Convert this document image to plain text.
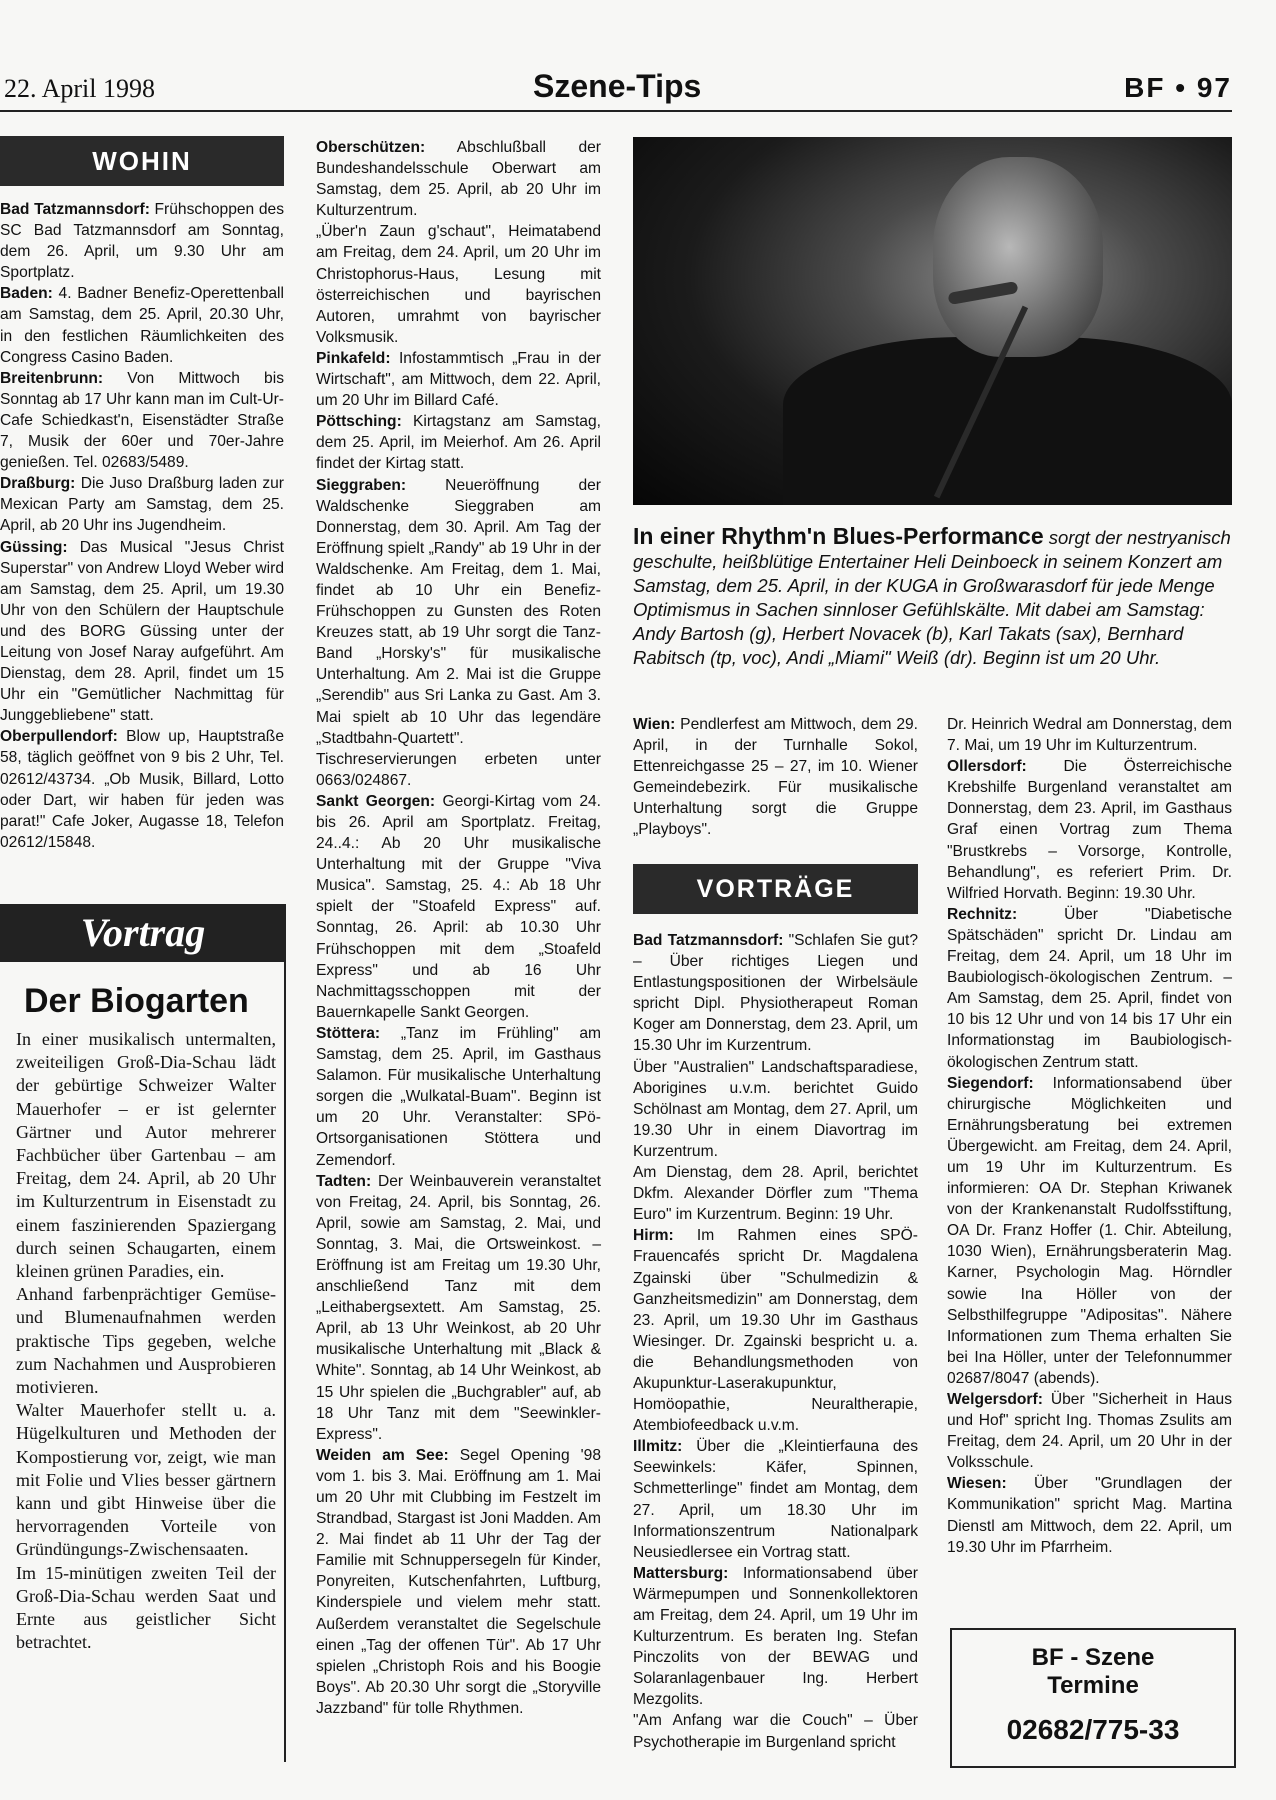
22. April 1998	Szene-Tips	BF • 97
WOHIN

Bad Tatzmannsdorf: Frühschoppen des SC Bad Tatzmannsdorf am Sonntag, dem 26. April, um 9.30 Uhr am Sportplatz.

Baden: 4. Badner Benefiz-Operettenball am Samstag, dem 25. April, 20.30 Uhr, in den festlichen Räumlichkeiten des Congress Casino Baden.

Breitenbrunn: Von Mittwoch bis Sonntag ab 17 Uhr kann man im Cult-Ur-Cafe Schiedkast'n, Eisenstädter Straße 7, Musik der 60er und 70er-Jahre genießen. Tel. 02683/5489.

Draßburg: Die Juso Draßburg laden zur Mexican Party am Samstag, dem 25. April, ab 20 Uhr ins Jugendheim.

Güssing: Das Musical "Jesus Christ Superstar" von Andrew Lloyd Weber wird am Samstag, dem 25. April, um 19.30 Uhr von den Schülern der Hauptschule und des BORG Güssing unter der Leitung von Josef Naray aufgeführt. Am Dienstag, dem 28. April, findet um 15 Uhr ein "Gemütlicher Nachmittag für Junggebliebene" statt.

Oberpullendorf: Blow up, Hauptstraße 58, täglich geöffnet von 9 bis 2 Uhr, Tel. 02612/43734. „Ob Musik, Billard, Lotto oder Dart, wir haben für jeden was parat!" Cafe Joker, Augasse 18, Telefon 02612/15848.

Vortrag
Der Biogarten

In einer musikalisch untermalten, zweiteiligen Groß-Dia-Schau lädt der gebürtige Schweizer Walter Mauerhofer – er ist gelernter Gärtner und Autor mehrerer Fachbücher über Gartenbau – am Freitag, dem 24. April, ab 20 Uhr im Kulturzentrum in Eisenstadt zu einem faszinierenden Spaziergang durch seinen Schaugarten, einem kleinen grünen Paradies, ein.

Anhand farbenprächtiger Gemüse- und Blumenaufnahmen werden praktische Tips gegeben, welche zum Nachahmen und Ausprobieren motivieren.

Walter Mauerhofer stellt u. a. Hügelkulturen und Methoden der Kompostierung vor, zeigt, wie man mit Folie und Vlies besser gärtnern kann und gibt Hinweise über die hervorragenden Vorteile von Gründüngungs-Zwischensaaten.

Im 15-minütigen zweiten Teil der Groß-Dia-Schau werden Saat und Ernte aus geistlicher Sicht betrachtet.

Oberschützen: Abschlußball der Bundeshandelsschule Oberwart am Samstag, dem 25. April, ab 20 Uhr im Kulturzentrum.

„Über'n Zaun g'schaut", Heimatabend am Freitag, dem 24. April, um 20 Uhr im Christophorus-Haus, Lesung mit österreichischen und bayrischen Autoren, umrahmt von bayrischer Volksmusik.

Pinkafeld: Infostammtisch „Frau in der Wirtschaft", am Mittwoch, dem 22. April, um 20 Uhr im Billard Café.

Pöttsching: Kirtagstanz am Samstag, dem 25. April, im Meierhof. Am 26. April findet der Kirtag statt.

Sieggraben: Neueröffnung der Waldschenke Sieggraben am Donnerstag, dem 30. April. Am Tag der Eröffnung spielt „Randy" ab 19 Uhr in der Waldschenke. Am Freitag, dem 1. Mai, findet ab 10 Uhr ein Benefiz-Frühschoppen zu Gunsten des Roten Kreuzes statt, ab 19 Uhr sorgt die Tanz-Band „Horsky's" für musikalische Unterhaltung. Am 2. Mai ist die Gruppe „Serendib" aus Sri Lanka zu Gast. Am 3. Mai spielt ab 10 Uhr das legendäre „Stadtbahn-Quartett". Tischreservierungen erbeten unter 0663/024867.

Sankt Georgen: Georgi-Kirtag vom 24. bis 26. April am Sportplatz. Freitag, 24..4.: Ab 20 Uhr musikalische Unterhaltung mit der Gruppe "Viva Musica". Samstag, 25. 4.: Ab 18 Uhr spielt der "Stoafeld Express" auf. Sonntag, 26. April: ab 10.30 Uhr Frühschoppen mit dem „Stoafeld Express" und ab 16 Uhr Nachmittagsschoppen mit der Bauernkapelle Sankt Georgen.

Stöttera: „Tanz im Frühling" am Samstag, dem 25. April, im Gasthaus Salamon. Für musikalische Unterhaltung sorgen die „Wulkatal-Buam". Beginn ist um 20 Uhr. Veranstalter: SPö-Ortsorganisationen Stöttera und Zemendorf.

Tadten: Der Weinbauverein veranstaltet von Freitag, 24. April, bis Sonntag, 26. April, sowie am Samstag, 2. Mai, und Sonntag, 3. Mai, die Ortsweinkost. – Eröffnung ist am Freitag um 19.30 Uhr, anschließend Tanz mit dem „Leithabergsextett. Am Samstag, 25. April, ab 13 Uhr Weinkost, ab 20 Uhr musikalische Unterhaltung mit „Black & White". Sonntag, ab 14 Uhr Weinkost, ab 15 Uhr spielen die „Buchgrabler" auf, ab 18 Uhr Tanz mit dem "Seewinkler-Express".

Weiden am See: Segel Opening '98 vom 1. bis 3. Mai. Eröffnung am 1. Mai um 20 Uhr mit Clubbing im Festzelt im Strandbad, Stargast ist Joni Madden. Am 2. Mai findet ab 11 Uhr der Tag der Familie mit Schnuppersegeln für Kinder, Ponyreiten, Kutschenfahrten, Luftburg, Kinderspiele und vielem mehr statt. Außerdem veranstaltet die Segelschule einen „Tag der offenen Tür". Ab 17 Uhr spielen „Christoph Rois and his Boogie Boys". Ab 20.30 Uhr sorgt die „Storyville Jazzband" für tolle Rhythmen.

In einer Rhythm'n Blues-Performance sorgt der nestryanisch geschulte, heißblütige Entertainer Heli Deinboeck in seinem Konzert am Samstag, dem 25. April, in der KUGA in Großwarasdorf für jede Menge Optimismus in Sachen sinnloser Gefühlskälte. Mit dabei am Samstag: Andy Bartosh (g), Herbert Novacek (b), Karl Takats (sax), Bernhard Rabitsch (tp, voc), Andi „Miami" Weiß (dr). Beginn ist um 20 Uhr.

Wien: Pendlerfest am Mittwoch, dem 29. April, in der Turnhalle Sokol, Ettenreichgasse 25 – 27, im 10. Wiener Gemeindebezirk. Für musikalische Unterhaltung sorgt die Gruppe „Playboys".

VORTRÄGE

Bad Tatzmannsdorf: "Schlafen Sie gut? – Über richtiges Liegen und Entlastungspositionen der Wirbelsäule spricht Dipl. Physiotherapeut Roman Koger am Donnerstag, dem 23. April, um 15.30 Uhr im Kurzentrum.

Über "Australien" Landschaftsparadiese, Aborigines u.v.m. berichtet Guido Schölnast am Montag, dem 27. April, um 19.30 Uhr in einem Diavortrag im Kurzentrum.

Am Dienstag, dem 28. April, berichtet Dkfm. Alexander Dörfler zum "Thema Euro" im Kurzentrum. Beginn: 19 Uhr.

Hirm: Im Rahmen eines SPÖ-Frauencafés spricht Dr. Magdalena Zgainski über "Schulmedizin & Ganzheitsmedizin" am Donnerstag, dem 23. April, um 19.30 Uhr im Gasthaus Wiesinger. Dr. Zgainski bespricht u. a. die Behandlungsmethoden von Akupunktur-Laserakupunktur, Homöopathie, Neuraltherapie, Atembiofeedback u.v.m.

Illmitz: Über die „Kleintierfauna des Seewinkels: Käfer, Spinnen, Schmetterlinge" findet am Montag, dem 27. April, um 18.30 Uhr im Informationszentrum Nationalpark Neusiedlersee ein Vortrag statt.

Mattersburg: Informationsabend über Wärmepumpen und Sonnenkollektoren am Freitag, dem 24. April, um 19 Uhr im Kulturzentrum. Es beraten Ing. Stefan Pinczolits von der BEWAG und Solaranlagenbauer Ing. Herbert Mezgolits.

"Am Anfang war die Couch" – Über Psychotherapie im Burgenland spricht

Dr. Heinrich Wedral am Donnerstag, dem 7. Mai, um 19 Uhr im Kulturzentrum.

Ollersdorf: Die Österreichische Krebshilfe Burgenland veranstaltet am Donnerstag, dem 23. April, im Gasthaus Graf einen Vortrag zum Thema "Brustkrebs – Vorsorge, Kontrolle, Behandlung", es referiert Prim. Dr. Wilfried Horvath. Beginn: 19.30 Uhr.

Rechnitz: Über "Diabetische Spätschäden" spricht Dr. Lindau am Freitag, dem 24. April, um 18 Uhr im Baubiologisch-ökologischen Zentrum. – Am Samstag, dem 25. April, findet von 10 bis 12 Uhr und von 14 bis 17 Uhr ein Informationstag im Baubiologisch-ökologischen Zentrum statt.

Siegendorf: Informationsabend über chirurgische Möglichkeiten und Ernährungsberatung bei extremen Übergewicht. am Freitag, dem 24. April, um 19 Uhr im Kulturzentrum. Es informieren: OA Dr. Stephan Kriwanek von der Krankenanstalt Rudolfsstiftung, OA Dr. Franz Hoffer (1. Chir. Abteilung, 1030 Wien), Ernährungsberaterin Mag. Karner, Psychologin Mag. Hörndler sowie Ina Höller von der Selbsthilfegruppe "Adipositas". Nähere Informationen zum Thema erhalten Sie bei Ina Höller, unter der Telefonnummer 02687/8047 (abends).

Welgersdorf: Über "Sicherheit in Haus und Hof" spricht Ing. Thomas Zsulits am Freitag, dem 24. April, um 20 Uhr in der Volksschule.

Wiesen: Über "Grundlagen der Kommunikation" spricht Mag. Martina Dienstl am Mittwoch, dem 22. April, um 19.30 Uhr im Pfarrheim.

BF - Szene
Termine
02682/775-33
